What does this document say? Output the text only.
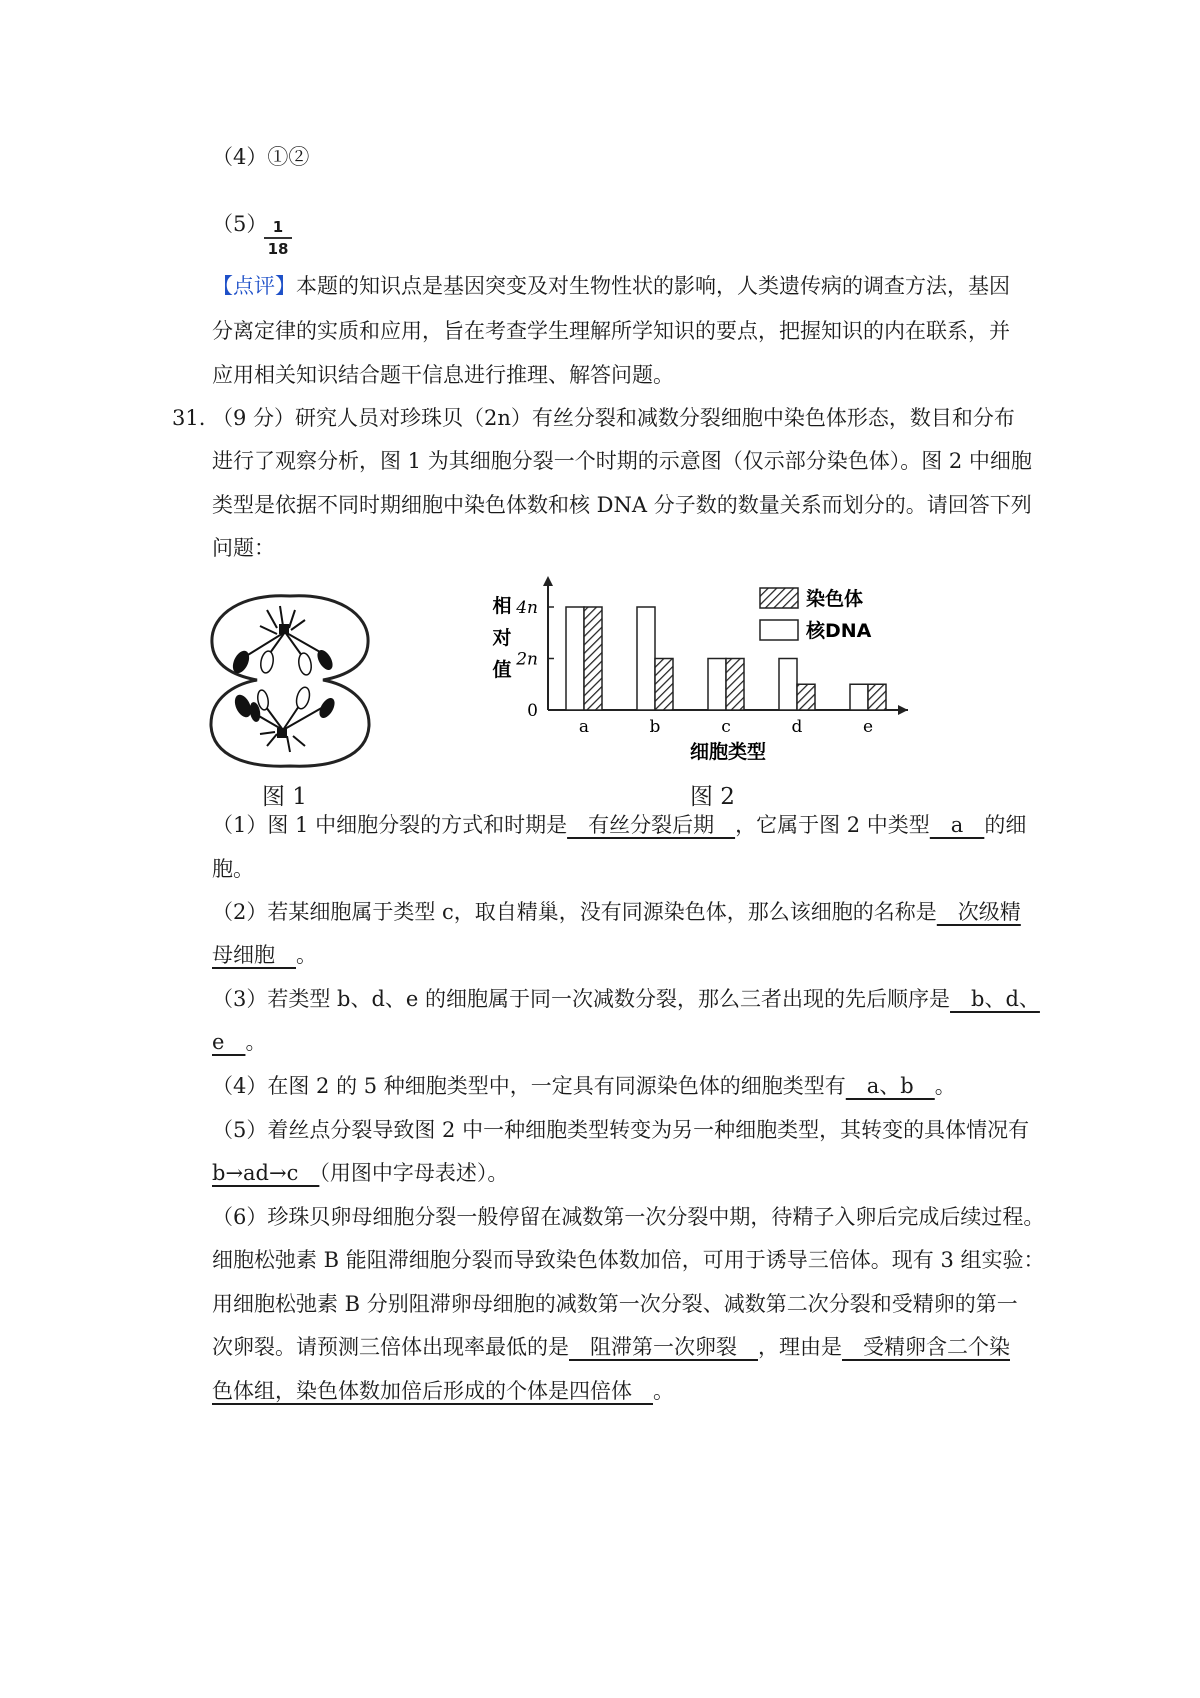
（4）①②
（5） 1
18
【点评】本题的知识点是基因突变及对生物性状的影响，人类遗传病的调查方法，基因
分离定律的实质和应用，旨在考查学生理解所学知识的要点，把握知识的内在联系，并
应用相关知识结合题干信息进行推理、解答问题。
31. （9 分）研究人员对珍珠贝（2n）有丝分裂和减数分裂细胞中染色体形态，数目和分布
进行了观察分析，图 1 为其细胞分裂一个时期的示意图（仅示部分染色体）。图 2 中细胞
类型是依据不同时期细胞中染色体数和核 DNA 分子数的数量关系而划分的。请回答下列
问题：
图 1
0
2n
4n
相
对
值
a	b	c	d	e
细胞类型
染色体
核DNA
图 2
（1）图 1 中细胞分裂的方式和时期是　有丝分裂后期　，它属于图 2 中类型　a　的细
胞。
（2）若某细胞属于类型 c，取自精巢，没有同源染色体，那么该细胞的名称是　次级精
母细胞　。
（3）若类型 b、d、e 的细胞属于同一次减数分裂，那么三者出现的先后顺序是　b、d、
e　。
（4）在图 2 的 5 种细胞类型中，一定具有同源染色体的细胞类型有　a、b　。
（5）着丝点分裂导致图 2 中一种细胞类型转变为另一种细胞类型，其转变的具体情况有
b→ad→c　（用图中字母表述）。
（6）珍珠贝卵母细胞分裂一般停留在减数第一次分裂中期，待精子入卵后完成后续过程。
细胞松弛素 B 能阻滞细胞分裂而导致染色体数加倍，可用于诱导三倍体。现有 3 组实验：
用细胞松弛素 B 分别阻滞卵母细胞的减数第一次分裂、减数第二次分裂和受精卵的第一
次卵裂。请预测三倍体出现率最低的是　阻滞第一次卵裂　，理由是　受精卵含二个染
色体组，染色体数加倍后形成的个体是四倍体　。
